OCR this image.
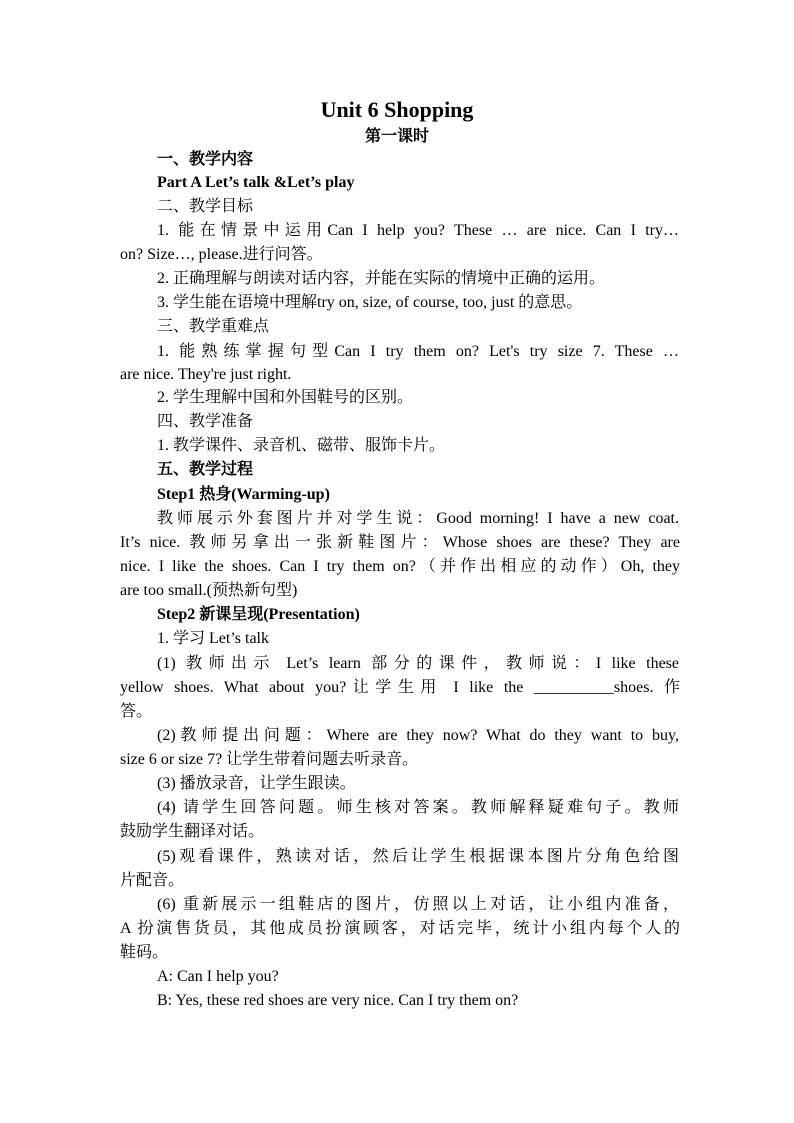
Unit 6 Shopping
第一课时
一、教学内容
Part A Let’s talk &Let’s play
二、教学目标
1. 能在情景中运用Can I help you? These … are nice. Can I try…
on? Size…, please.进行问答。
2. 正确理解与朗读对话内容，并能在实际的情境中正确的运用。
3. 学生能在语境中理解try on, size, of course, too, just 的意思。
三、教学重难点
1. 能熟练掌握句型Can I try them on? Let's try size 7. These …
are nice. They're just right.
2. 学生理解中国和外国鞋号的区别。
四、教学准备
1. 教学课件、录音机、磁带、服饰卡片。
五、教学过程
Step1 热身(Warming-up)
教师展示外套图片并对学生说：Good morning! I have a new coat.
It’s nice. 教师另拿出一张新鞋图片：Whose shoes are these? They are
nice. I like the shoes. Can I try them on?（并作出相应的动作）Oh, they
are too small.(预热新句型)
Step2 新课呈现(Presentation)
1. 学习 Let’s talk
(1) 教师出示 Let’s learn 部分的课件，教师说：I like these
yellow shoes. What about you?让学生用 I like the __________shoes. 作
答。
(2)教师提出问题：Where are they now? What do they want to buy,
size 6 or size 7? 让学生带着问题去听录音。
(3) 播放录音，让学生跟读。
(4) 请学生回答问题。师生核对答案。教师解释疑难句子。教师
鼓励学生翻译对话。
(5)观看课件，熟读对话，然后让学生根据课本图片分角色给图
片配音。
(6) 重新展示一组鞋店的图片，仿照以上对话，让小组内准备，
A 扮演售货员，其他成员扮演顾客，对话完毕，统计小组内每个人的
鞋码。
A: Can I help you?
B: Yes, these red shoes are very nice. Can I try them on?
